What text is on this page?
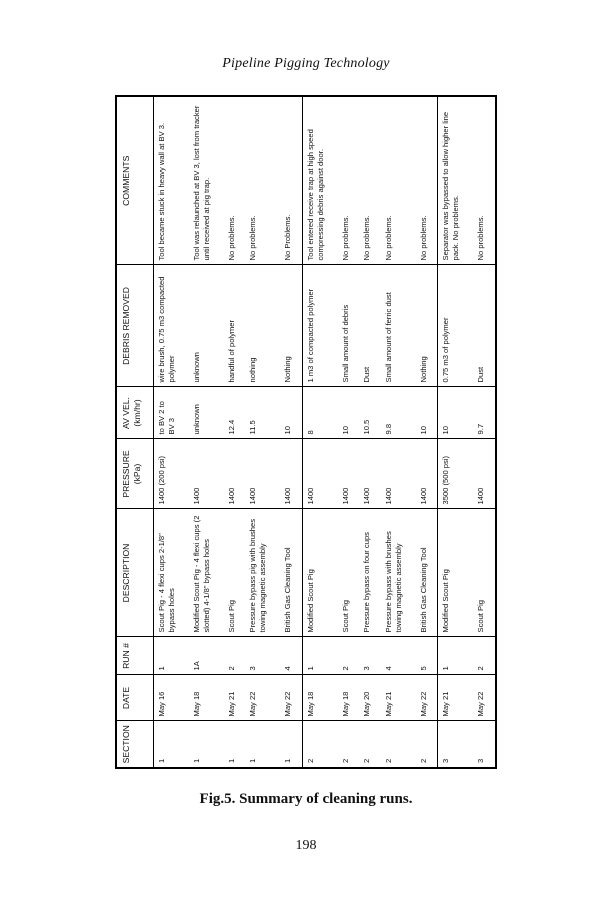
Pipeline Pigging Technology
SECTION	DATE	RUN #	DESCRIPTION	PRESSURE (kPa)	AV VEL. (km/hr)	DEBRIS REMOVED	COMMENTS
1	May 16	1	Scout Pig - 4 flexi cups 2-1/8" bypass holes	1400 (200 psi)	to BV 2 to BV 3	wire brush, 0.75 m3 compacted polymer	Tool became stuck in heavy wall at BV 3.
1	May 18	1A	Modified Scout Pig - 4 flexi cups (2 slotted) 4-1/8" bypass holes	1400	unknown	unknown	Tool was relaunched at BV 3, lost from tracker until received at pig trap.
1	May 21	2	Scout Pig	1400	12.4	handful of polymer	No problems.
1	May 22	3	Pressure bypass pig with brushes towing magnetic assembly	1400	11.5	nothing	No problems.
1	May 22	4	British Gas Cleaning Tool	1400	10	Nothing	No Problems.
2	May 18	1	Modified Scout Pig	1400	8	1 m3 of compacted polymer	Tool entered receive trap at high speed compressing debris against door.
2	May 18	2	Scout Pig	1400	10	Small amount of debris	No problems.
2	May 20	3	Pressure bypass on four cups	1400	10.5	Dust	No problems.
2	May 21	4	Pressure bypass with brushes towing magnetic assembly	1400	9.8	Small amount of ferric dust	No problems.
2	May 22	5	British Gas Cleaning Tool	1400	10	Nothing	No problems.
3	May 21	1	Modified Scout Pig	3500 (500 psi)	10	0.75 m3 of polymer	Separator was bypassed to allow higher line pack. No problems.
3	May 22	2	Scout Pig	1400	9.7	Dust	No problems.
Fig.5. Summary of cleaning runs.
198
